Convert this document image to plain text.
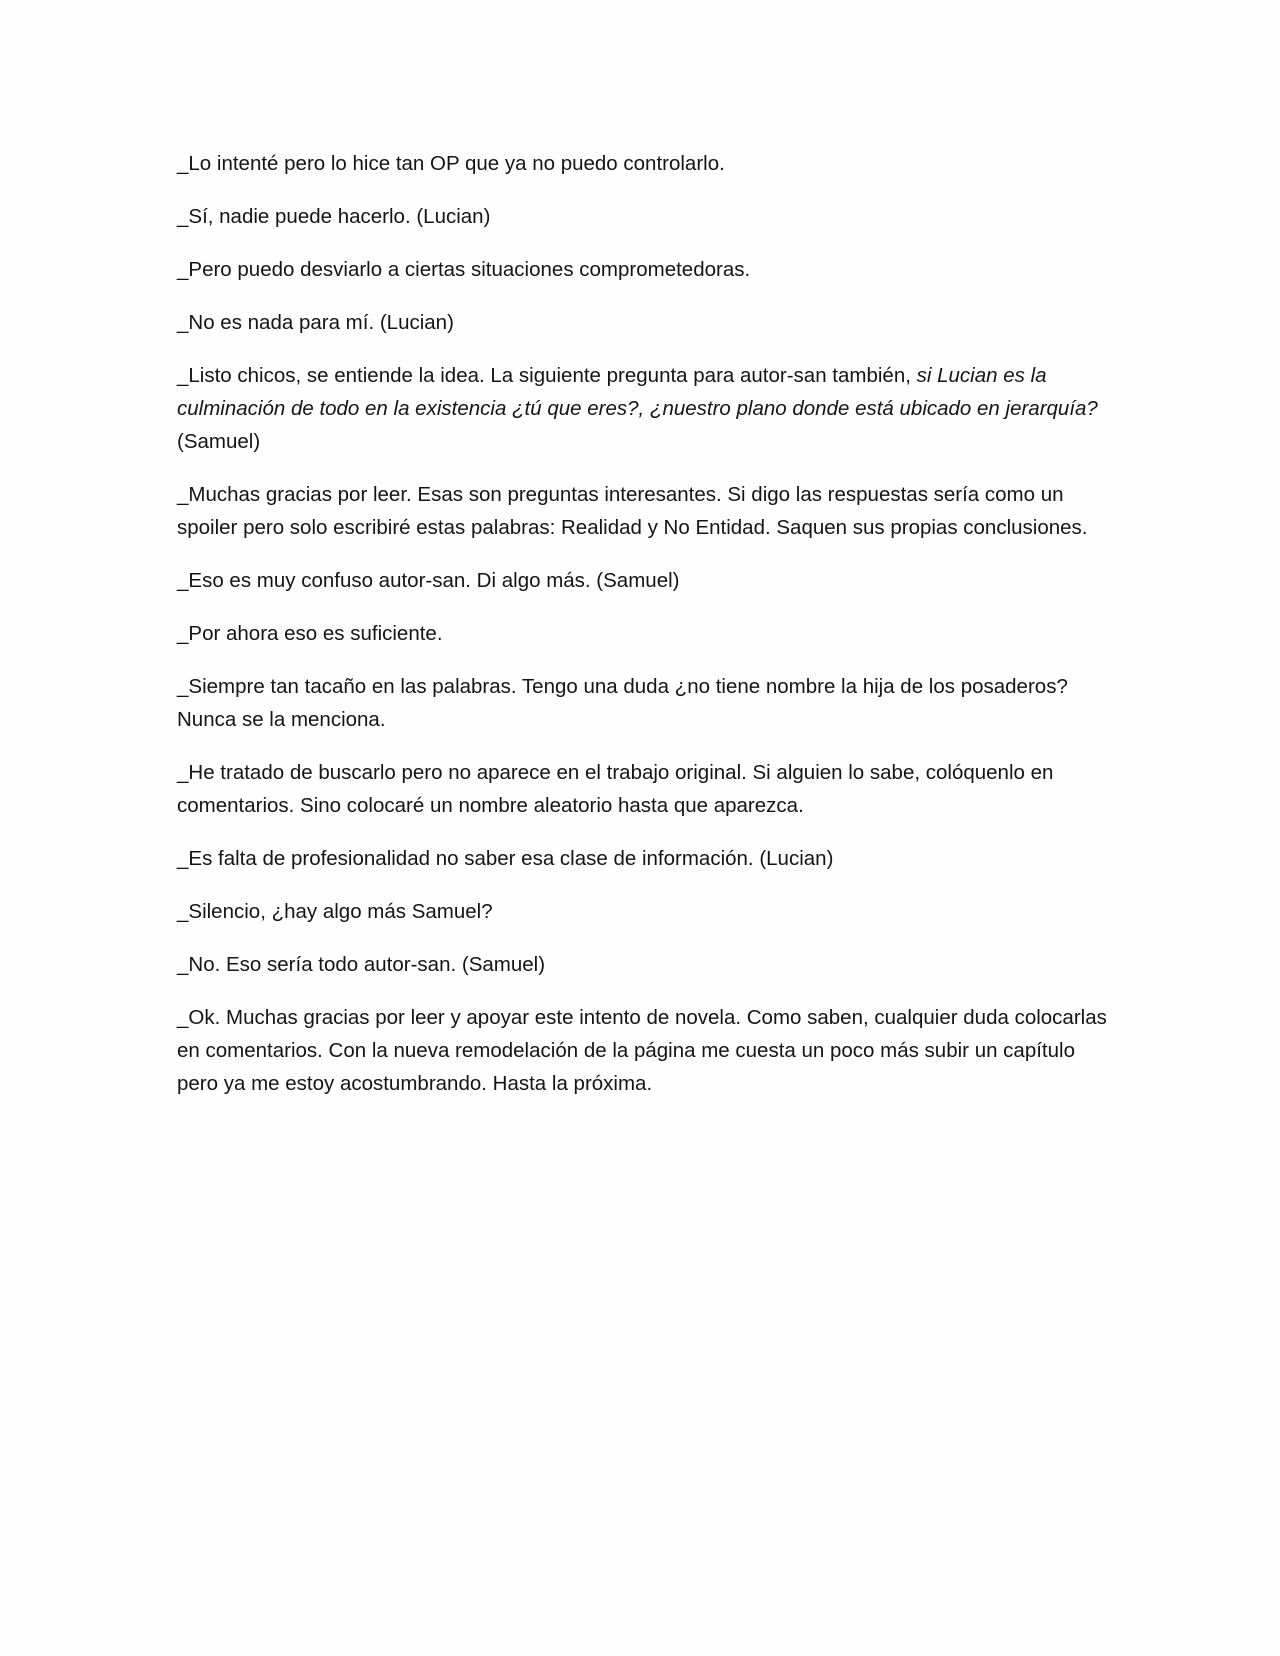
_Lo intenté pero lo hice tan OP que ya no puedo controlarlo.

_Sí, nadie puede hacerlo. (Lucian)

_Pero puedo desviarlo a ciertas situaciones comprometedoras.

_No es nada para mí. (Lucian)

_Listo chicos, se entiende la idea. La siguiente pregunta para autor-san también, si Lucian es la culminación de todo en la existencia ¿tú que eres?, ¿nuestro plano donde está ubicado en jerarquía? (Samuel)

_Muchas gracias por leer. Esas son preguntas interesantes. Si digo las respuestas sería como un spoiler pero solo escribiré estas palabras: Realidad y No Entidad. Saquen sus propias conclusiones.

_Eso es muy confuso autor-san. Di algo más. (Samuel)

_Por ahora eso es suficiente.

_Siempre tan tacaño en las palabras. Tengo una duda ¿no tiene nombre la hija de los posaderos? Nunca se la menciona.

_He tratado de buscarlo pero no aparece en el trabajo original. Si alguien lo sabe, colóquenlo en comentarios. Sino colocaré un nombre aleatorio hasta que aparezca.

_Es falta de profesionalidad no saber esa clase de información. (Lucian)

_Silencio, ¿hay algo más Samuel?

_No. Eso sería todo autor-san. (Samuel)

_Ok. Muchas gracias por leer y apoyar este intento de novela. Como saben, cualquier duda colocarlas en comentarios. Con la nueva remodelación de la página me cuesta un poco más subir un capítulo pero ya me estoy acostumbrando. Hasta la próxima.
